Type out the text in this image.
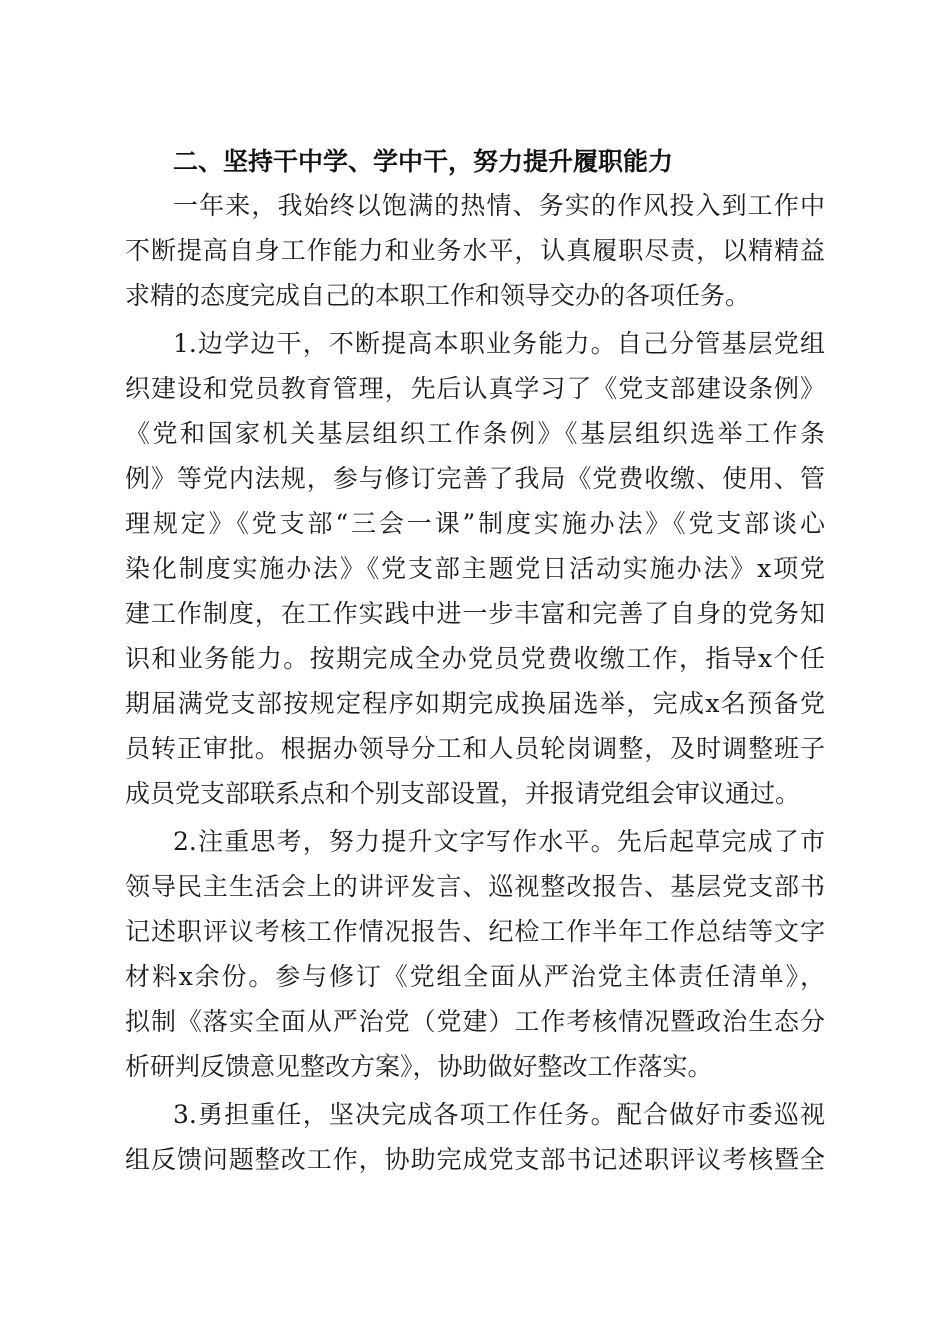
二、坚持干中学、学中干，努力提升履职能力
一年来，我始终以饱满的热情、务实的作风投入到工作中
不断提高自身工作能力和业务水平，认真履职尽责，以精精益
求精的态度完成自己的本职工作和领导交办的各项任务。
1.边学边干，不断提高本职业务能力。自己分管基层党组
织建设和党员教育管理，先后认真学习了《党支部建设条例》
《党和国家机关基层组织工作条例》《基层组织选举工作条
例》等党内法规，参与修订完善了我局《党费收缴、使用、管
理规定》《党支部“三会一课”制度实施办法》《党支部谈心
染化制度实施办法》《党支部主题党日活动实施办法》x项党
建工作制度，在工作实践中进一步丰富和完善了自身的党务知
识和业务能力。按期完成全办党员党费收缴工作，指导x个任
期届满党支部按规定程序如期完成换届选举，完成x名预备党
员转正审批。根据办领导分工和人员轮岗调整，及时调整班子
成员党支部联系点和个别支部设置，并报请党组会审议通过。
2.注重思考，努力提升文字写作水平。先后起草完成了市
领导民主生活会上的讲评发言、巡视整改报告、基层党支部书
记述职评议考核工作情况报告、纪检工作半年工作总结等文字
材料x余份。参与修订《党组全面从严治党主体责任清单》，
拟制《落实全面从严治党（党建）工作考核情况暨政治生态分
析研判反馈意见整改方案》，协助做好整改工作落实。
3.勇担重任，坚决完成各项工作任务。配合做好市委巡视
组反馈问题整改工作，协助完成党支部书记述职评议考核暨全
